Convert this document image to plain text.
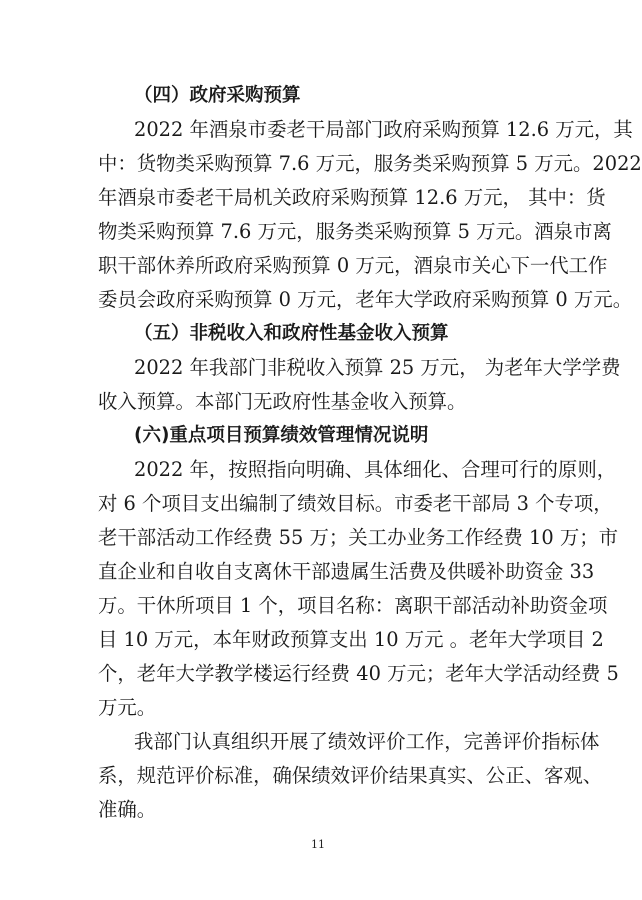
（四）政府采购预算
2022 年酒泉市委老干局部门政府采购预算 12.6 万元，其
中：货物类采购预算 7.6 万元，服务类采购预算 5 万元。2022
年酒泉市委老干局机关政府采购预算 12.6 万元， 其中：货
物类采购预算 7.6 万元，服务类采购预算 5 万元。酒泉市离
职干部休养所政府采购预算 0 万元，酒泉市关心下一代工作
委员会政府采购预算 0 万元，老年大学政府采购预算 0 万元。
（五）非税收入和政府性基金收入预算
2022 年我部门非税收入预算 25 万元， 为老年大学学费
收入预算。本部门无政府性基金收入预算。
(六)重点项目预算绩效管理情况说明
2022 年，按照指向明确、具体细化、合理可行的原则，
对 6 个项目支出编制了绩效目标。市委老干部局 3 个专项，
老干部活动工作经费 55 万；关工办业务工作经费 10 万；市
直企业和自收自支离休干部遗属生活费及供暖补助资金 33
万。干休所项目 1 个，项目名称：离职干部活动补助资金项
目 10 万元，本年财政预算支出 10 万元 。老年大学项目 2
个，老年大学教学楼运行经费 40 万元；老年大学活动经费 5
万元。
我部门认真组织开展了绩效评价工作，完善评价指标体
系，规范评价标准，确保绩效评价结果真实、公正、客观、
准确。
11
